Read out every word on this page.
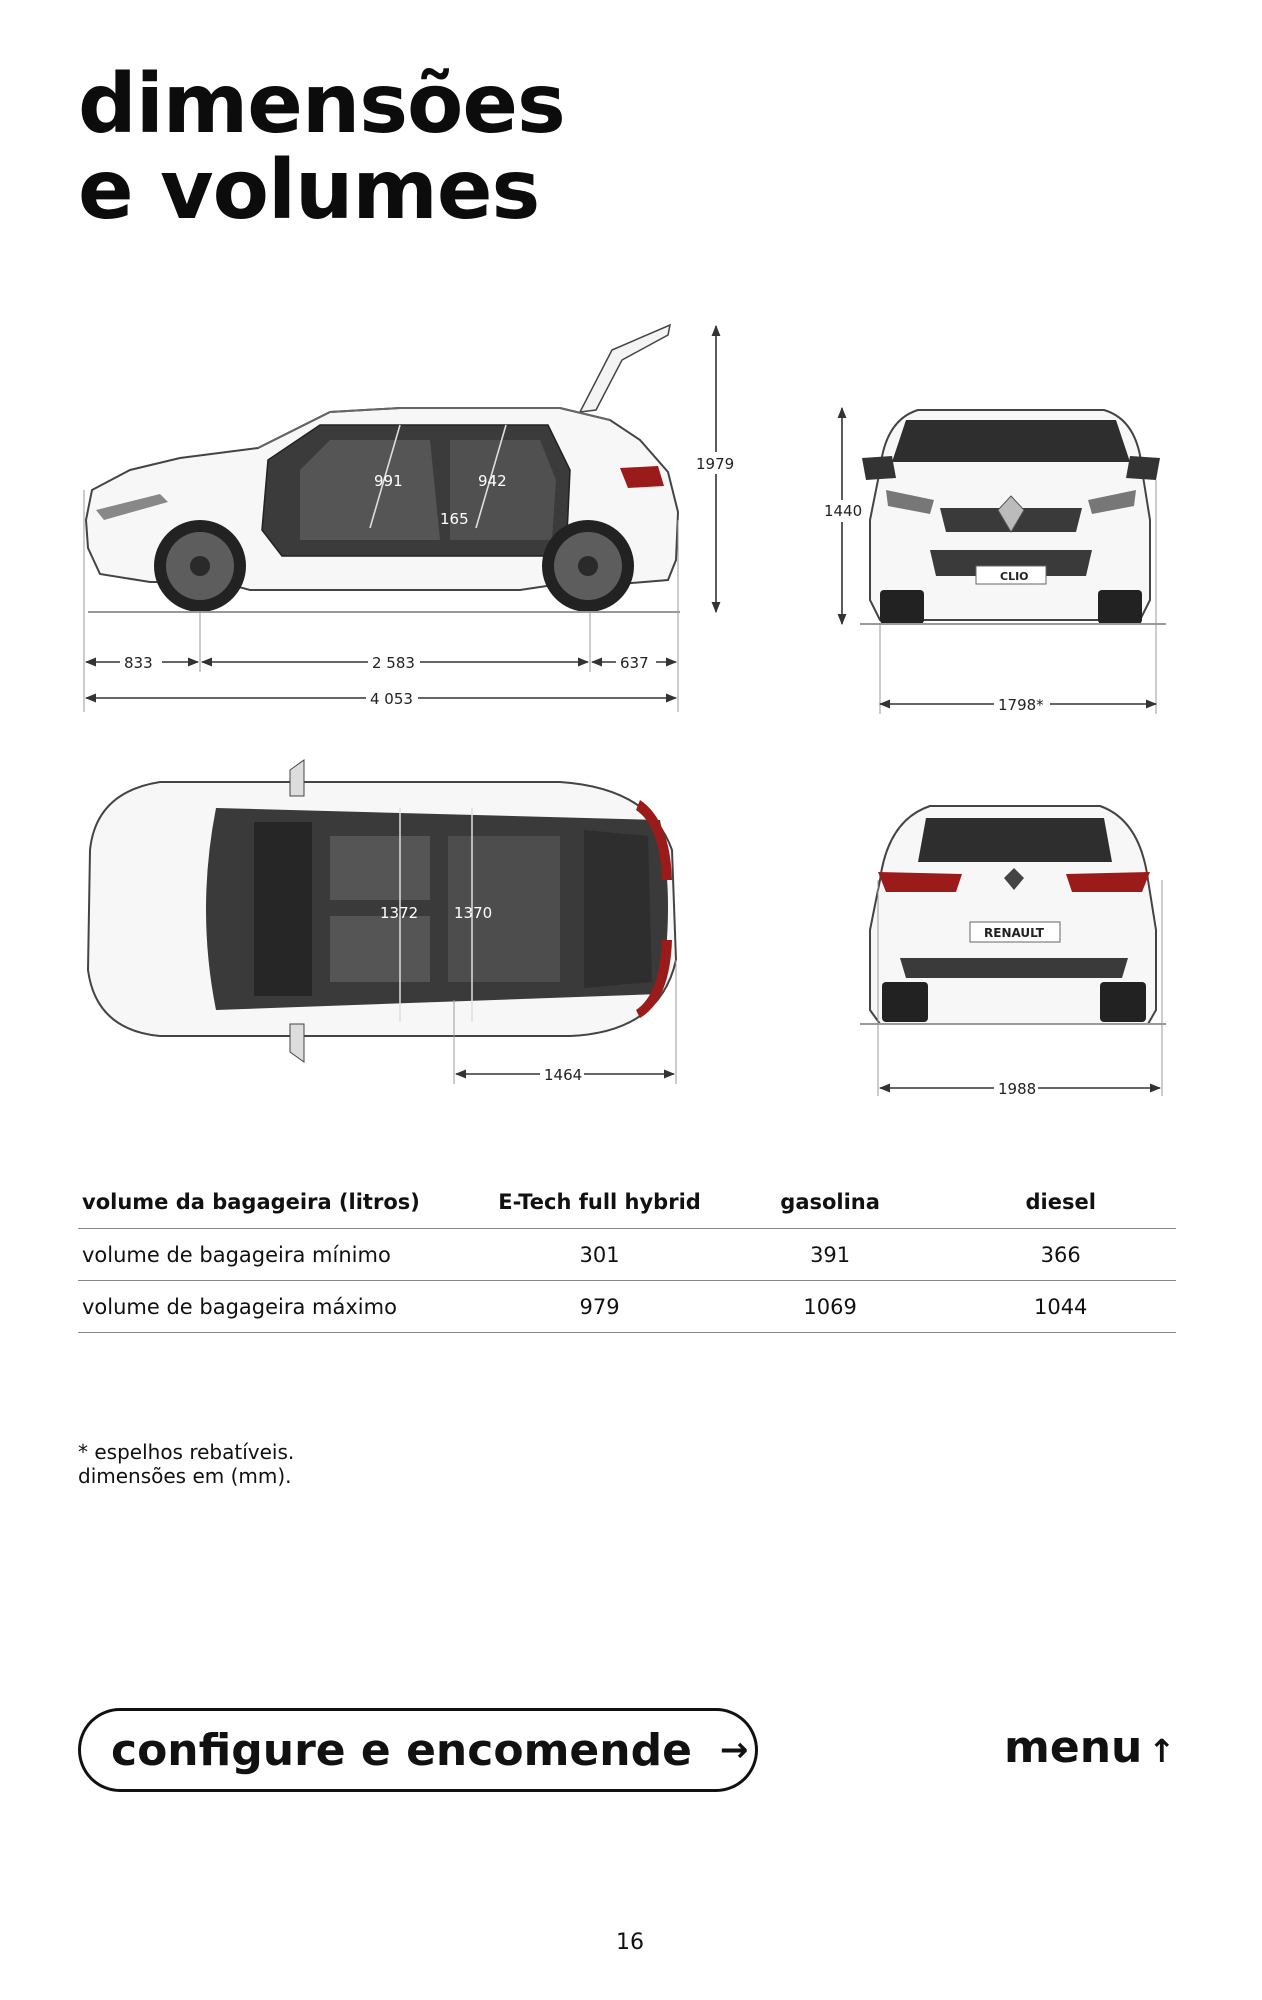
dimensões
e volumes
991	942
165
1979
833	2 583	637
4 053
CLIO
1440
1798*
1372 1370
1464
RENAULT
1988
volume da bagageira (litros)	E-Tech full hybrid	gasolina	diesel
volume de bagageira mínimo	301	391	366
volume de bagageira máximo	979	1069	1044
* espelhos rebatíveis.
dimensões em (mm).
configure e encomende →	menu ↑
16
